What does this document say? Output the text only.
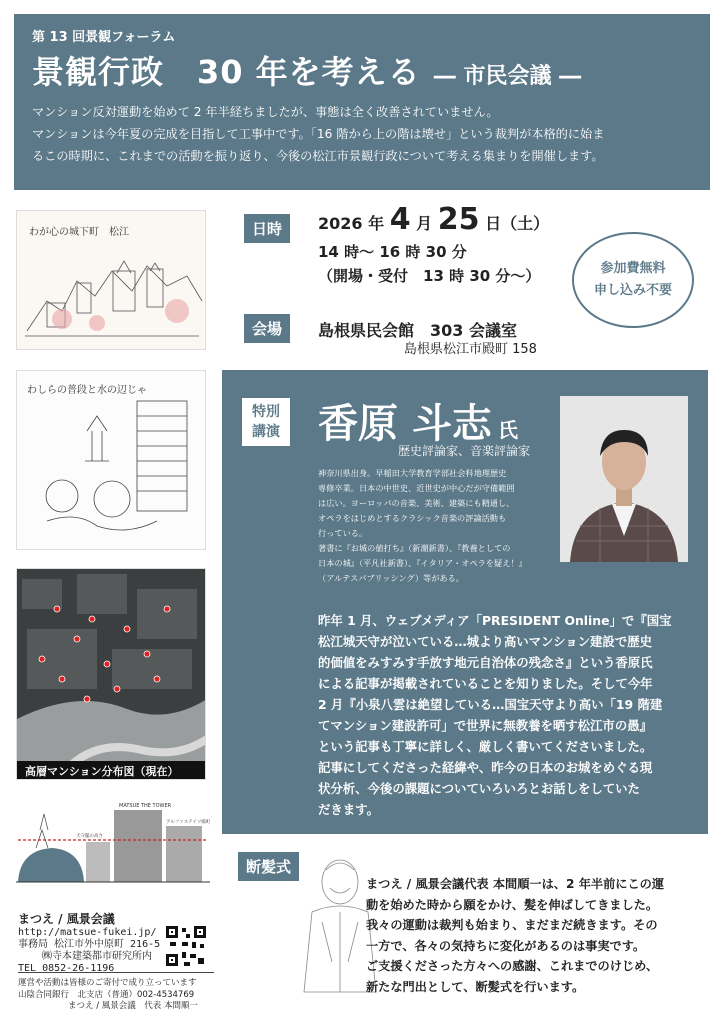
第 13 回景観フォーラム
景観行政　30 年を考える ― 市民会議 ―
マンション反対運動を始めて 2 年半経ちましたが、事態は全く改善されていません。
マンションは今年夏の完成を目指して工事中です。「16 階から上の階は壊せ」という裁判が本格的に始ま
るこの時期に、これまでの活動を振り返り、今後の松江市景観行政について考える集まりを開催します。
わが心の城下町　松江
わしらの普段と水の辺じゃ
高層マンション分布図（現在）
MATSUE THE TOWER
アルファステイツ殿町
天守閣の高さ
日時	2026 年 4 月 25 日（土）
14 時～ 16 時 30 分
（開場・受付　13 時 30 分～）	参加費無料
申し込み不要
会場	島根県民会館　303 会議室
島根県松江市殿町 158
特別
講演 香原 斗志 氏
歴史評論家、音楽評論家
神奈川県出身。早稲田大学教育学部社会科地理歴史
専修卒業。日本の中世史、近世史が中心だが守備範囲
は広い。ヨーロッパの音楽、美術、建築にも精通し、
オペラをはじめとするクラシック音楽の評論活動も
行っている。
著書に『お城の値打ち』（新潮新書）、『教養としての
日本の城』（平凡社新書）、『イタリア・オペラを疑え！』
（アルテスパブリッシング）等がある。
昨年 1 月、ウェブメディア「PRESIDENT Online」で『国宝
松江城天守が泣いている…城より高いマンション建設で歴史
的価値をみすみす手放す地元自治体の残念さ』という香原氏
による記事が掲載されていることを知りました。そして今年
2 月『小泉八雲は絶望している…国宝天守より高い「19 階建
てマンション建設許可」で世界に無教養を晒す松江市の愚』
という記事も丁寧に詳しく、厳しく書いてくださいました。
記事にしてくださった経緯や、昨今の日本のお城をめぐる現
状分析、今後の課題についていろいろとお話しをしていた
だきます。
断髪式
まつえ / 風景会議代表 本間順一は、2 年半前にこの運
動を始めた時から願をかけ、髪を伸ばしてきました。
我々の運動は裁判も始まり、まだまだ続きます。その
一方で、各々の気持ちに変化があるのは事実です。
ご支援くださった方々への感謝、これまでのけじめ、
新たな門出として、断髪式を行います。
まつえ / 風景会議
http://matsue-fukei.jp/
事務局 松江市外中原町 216-5
㈱寺本建築都市研究所内
TEL 0852-26-1196
運営や活動は皆様のご寄付で成り立っています
山陰合同銀行　北支店（普通）002-4534769
まつえ / 風景会議　代表 本間順一
